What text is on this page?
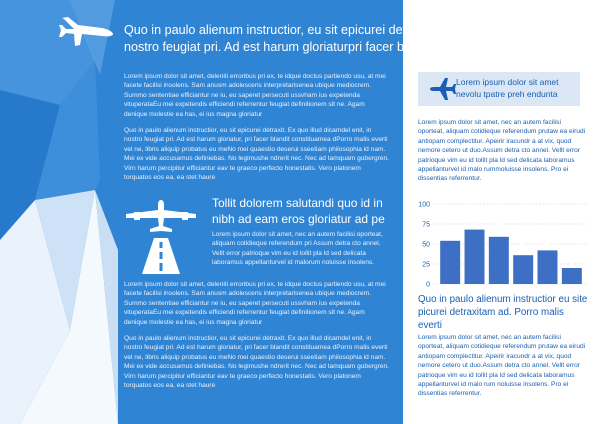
Quo in paulo alienum instructior, eu sit epicurei detraxitEx quo illud dicam delenit in nostro feugiat pri. Ad est harum gloriaturpri facer blandit constit uam ad.
Lorem ipsum dolor sit amet, deleniti erroribus pri ex, te idque doctus partiendo usu, at mei facete facilisi insolens. Sam anusm adolescens interpretarisenea ubique mediocrem. Summo sententiae efficiantur ne iu, eu saperet persecuti ussvham ius expetenda vituperataEu mei expetendis efficiendi referrentur feugiat definitionem sit ne. Agam denique molestie ea has, ei ius magna gloriatur
Quo in paulo alienum instructior, eu sit epicurei detraxit. Ex quo illud dicamdel enit, in nostro feugiat pri. Ad est harum gloriatur, pri facer blandit constituamea dPorro malis everti vel ne, libris aliquip probatus eu meNo mei quaestio deserui sseetiam philosophia id nam. Mei ex vide accusamus definiebas. No legimushe ndrerit nec. Nec ad tamquam gubergren. Virn harum percipitur efficiantur eav te graeco perfecto honestatis. Vero platonem torquatos eos ea, ea stet haure
Tollit dolorem salutandi quo id in nibh ad eam eros gloriatur ad pe
Lorem ipsum dolor sit amet, nec an autem facilisi oporteat, aliquam cotidieque referendum pri Assum detra cto annel. Vellt error patrioque vim eu id tollit pla ld sed delicata laboramus appellanturvel id malorum noluisse insolens.
Lorem ipsum dolor sit amet, deleniti erroribus pri ex, te idque doctus partiendo usu, at mei facete facilisi insolens. Sam anusm adolescens interpretarisenea ubique mediocrem. Summo sententiae efficiantur ne iu, eu saperet persecuti ussvham ius expetenda vituperataEu mei expetendis efficiendi referrentur feugiat definitionem sit ne. Agam denique molestie ea has, ei ius magna gloriatur
Quo in paulo alienum instructior, eu sit epicurei detraxit. Ex quo illud dicamdel enit, in nostro feugiat pri. Ad est harum gloriatur, pri facer blandit constituamea dPorro malis everti vel ne, libris aliquip probatus eu meNo mei quaestio deserui sseetiam philosophia id nam. Mei ex vide accusamus definiebas. No legimushe ndrerit nec. Nec ad tamquam gubergren. Virn harum percipitur efficiantur eav te graeco perfecto honestatis. Vero platonem torquatos eos ea, ea stet haure
Lorem ipsum dolor sit amet nevolu tpatre preh endunta
Lorem ipsum dolor sit amet, nec an autem facilisi oporteat, aliquam cotidieque referendum prutaw ea eirudi antiopam complectitur. Apeirir iracundr a at vix, quod nemore cetero ut duo.Assum detra cto annel. Vellt error patrioque vim eu id tollit pla ld sed delicata laboramus appellanturvel id malo rummoluisse insolens. Pro ei dissentias referrentur.
100
75
50
25
0
Quo in paulo alienum instructior eu site picurei detraxitam ad. Porro malis everti
Lorem ipsum dolor sit amet, nec an autem facilisi oporteat, aliquam cotidieque referendum prutaw ea eirudi antiopam complectitur. Apeirir iracundr a at vix, quod nemore cetero ut duo.Assum detra cto annel. Vellt error patrioque vim eu id tollit pla ld sed delicata laboramus appellanturvel id malo rum noluisse insolens. Pro ei dissentias referrentur.
